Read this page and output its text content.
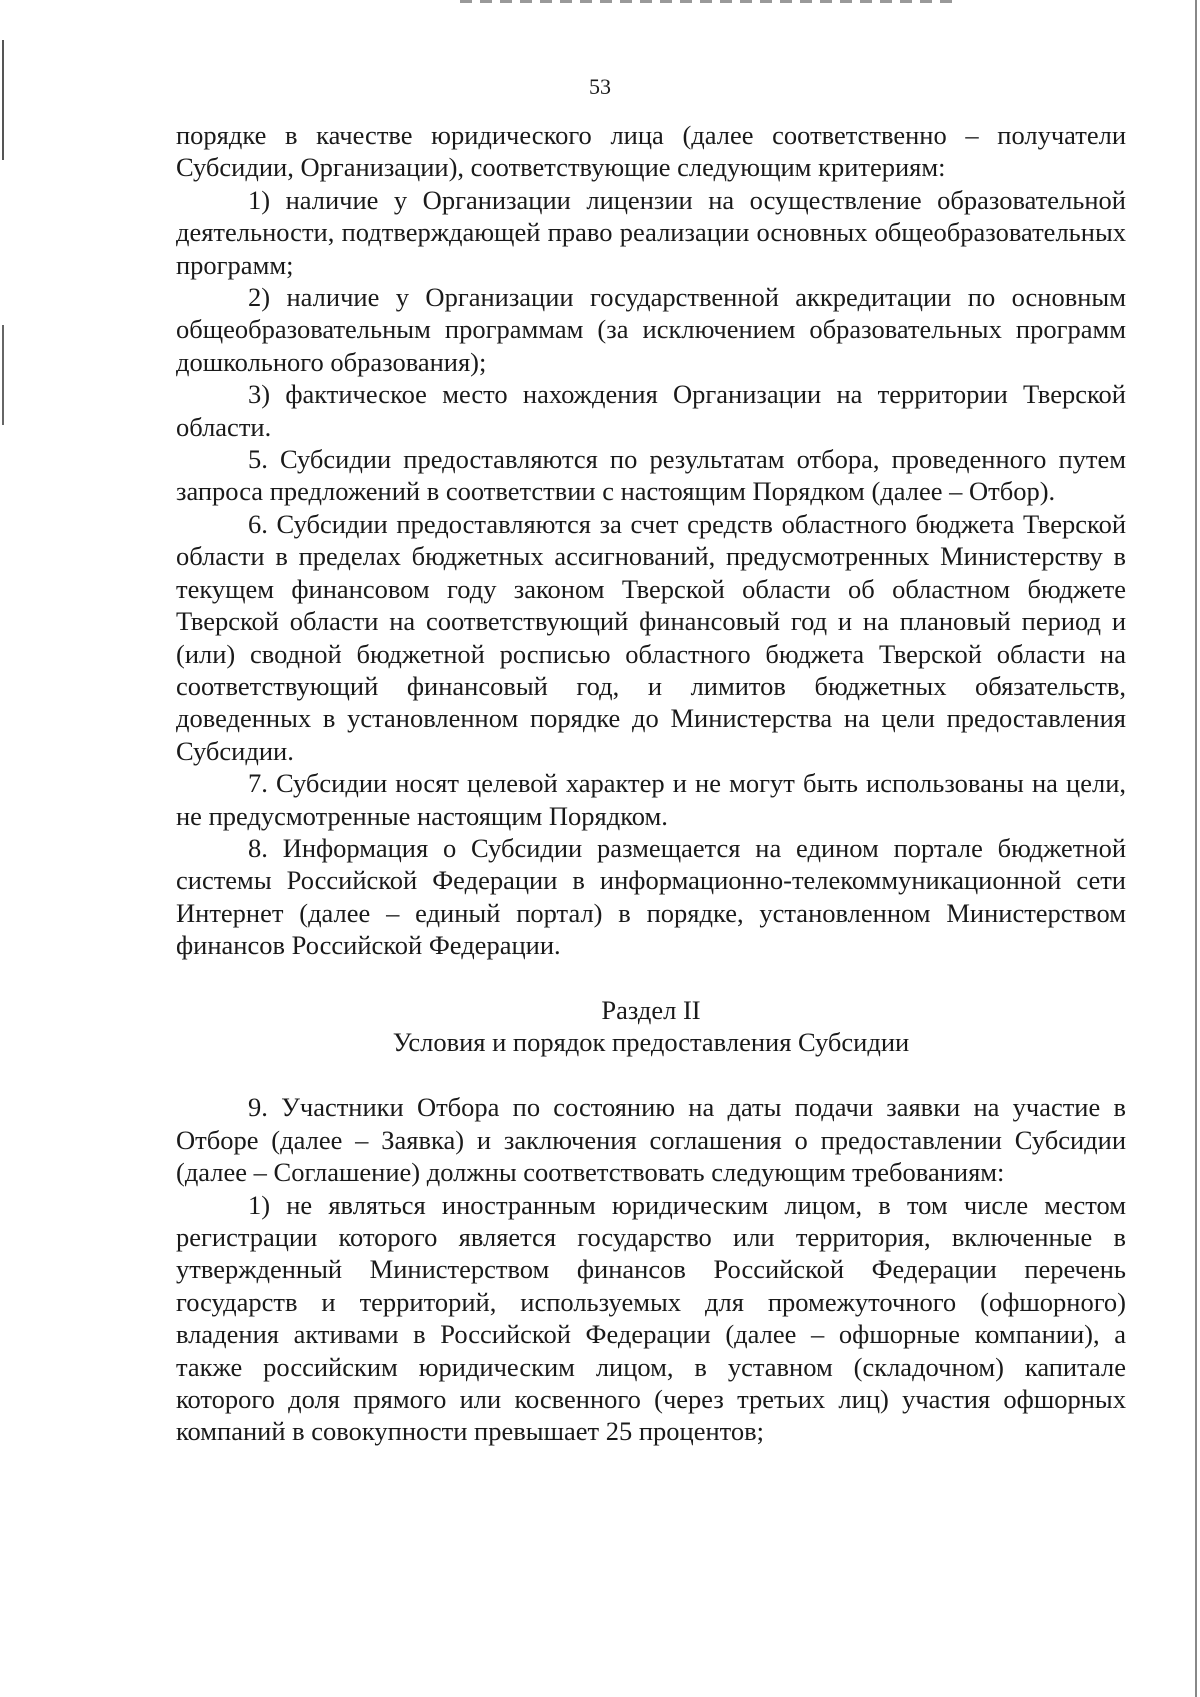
53

порядке в качестве юридического лица (далее соответственно – получатели Субсидии, Организации), соответствующие следующим критериям:

1) наличие у Организации лицензии на осуществление образовательной деятельности, подтверждающей право реализации основных общеобразовательных программ;

2) наличие у Организации государственной аккредитации по основным общеобразовательным программам (за исключением образовательных программ дошкольного образования);

3) фактическое место нахождения Организации на территории Тверской области.

5. Субсидии предоставляются по результатам отбора, проведенного путем запроса предложений в соответствии с настоящим Порядком (далее – Отбор).

6. Субсидии предоставляются за счет средств областного бюджета Тверской области в пределах бюджетных ассигнований, предусмотренных Министерству в текущем финансовом году законом Тверской области об областном бюджете Тверской области на соответствующий финансовый год и на плановый период и (или) сводной бюджетной росписью областного бюджета Тверской области на соответствующий финансовый год, и лимитов бюджетных обязательств, доведенных в установленном порядке до Министерства на цели предоставления Субсидии.

7. Субсидии носят целевой характер и не могут быть использованы на цели, не предусмотренные настоящим Порядком.

8. Информация о Субсидии размещается на едином портале бюджетной системы Российской Федерации в информационно-телекоммуникационной сети Интернет (далее – единый портал) в порядке, установленном Министерством финансов Российской Федерации.

Раздел II

Условия и порядок предоставления Субсидии

9. Участники Отбора по состоянию на даты подачи заявки на участие в Отборе (далее – Заявка) и заключения соглашения о предоставлении Субсидии (далее – Соглашение) должны соответствовать следующим требованиям:

1) не являться иностранным юридическим лицом, в том числе местом регистрации которого является государство или территория, включенные в утвержденный Министерством финансов Российской Федерации перечень государств и территорий, используемых для промежуточного (офшорного) владения активами в Российской Федерации (далее – офшорные компании), а также российским юридическим лицом, в уставном (складочном) капитале которого доля прямого или косвенного (через третьих лиц) участия офшорных компаний в совокупности превышает 25 процентов;
